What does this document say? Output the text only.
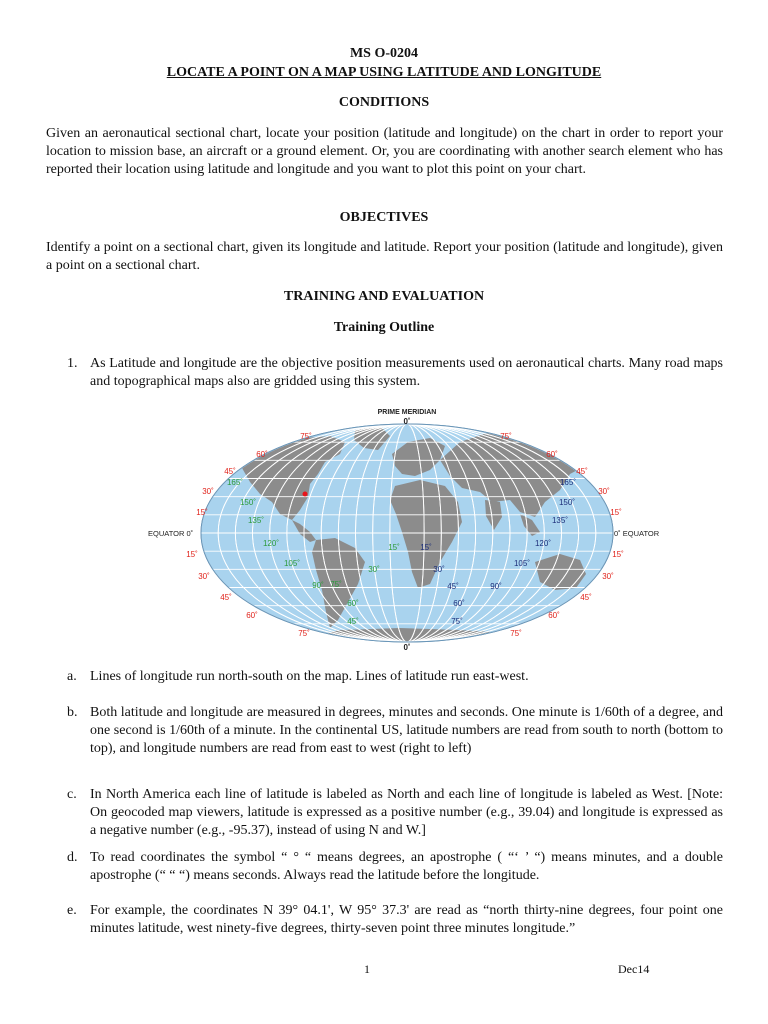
MS O-0204
LOCATE A POINT ON A MAP USING LATITUDE AND LONGITUDE
CONDITIONS
Given an aeronautical sectional chart, locate your position (latitude and longitude) on the chart in order to report your location to mission base, an aircraft or a ground element. Or, you are coordinating with another search element who has reported their location using latitude and longitude and you want to plot this point on your chart.
OBJECTIVES
Identify a point on a sectional chart, given its longitude and latitude. Report your position (latitude and longitude), given a point on a sectional chart.
TRAINING AND EVALUATION
Training Outline
1. As Latitude and longitude are the objective position measurements used on aeronautical charts. Many road maps and topographical maps also are gridded using this system.
PRIME MERIDIAN
0˚
0˚
EQUATOR 0˚	0˚ EQUATOR
75˚
60˚
45˚
30˚
15˚
15˚
30˚
45˚
60˚
75˚
75˚
60˚
45˚
30˚
15˚
15˚
30˚
45˚
60˚
75˚
165˚
150˚
135˚
120˚
105˚
90˚ 75˚
60˚
45˚
30˚
15˚	15˚
30˚
45˚
60˚
75˚
90˚
105˚
120˚
135˚
150˚
165˚
a. Lines of longitude run north-south on the map. Lines of latitude run east-west.
b. Both latitude and longitude are measured in degrees, minutes and seconds. One minute is 1/60th of a degree, and one second is 1/60th of a minute. In the continental US, latitude numbers are read from south to north (bottom to top), and longitude numbers are read from east to west (right to left)
c. In North America each line of latitude is labeled as North and each line of longitude is labeled as West. [Note: On geocoded map viewers, latitude is expressed as a positive number (e.g., 39.04) and longitude is expressed as a negative number (e.g., -95.37), instead of using N and W.]
d. To read coordinates the symbol “ ° “ means degrees, an apostrophe ( “‘ ’ “) means minutes, and a double apostrophe (“ “ “) means seconds. Always read the latitude before the longitude.
e. For example, the coordinates N 39° 04.1', W 95° 37.3' are read as “north thirty-nine degrees, four point one minutes latitude, west ninety-five degrees, thirty-seven point three minutes longitude.”
1	Dec14
